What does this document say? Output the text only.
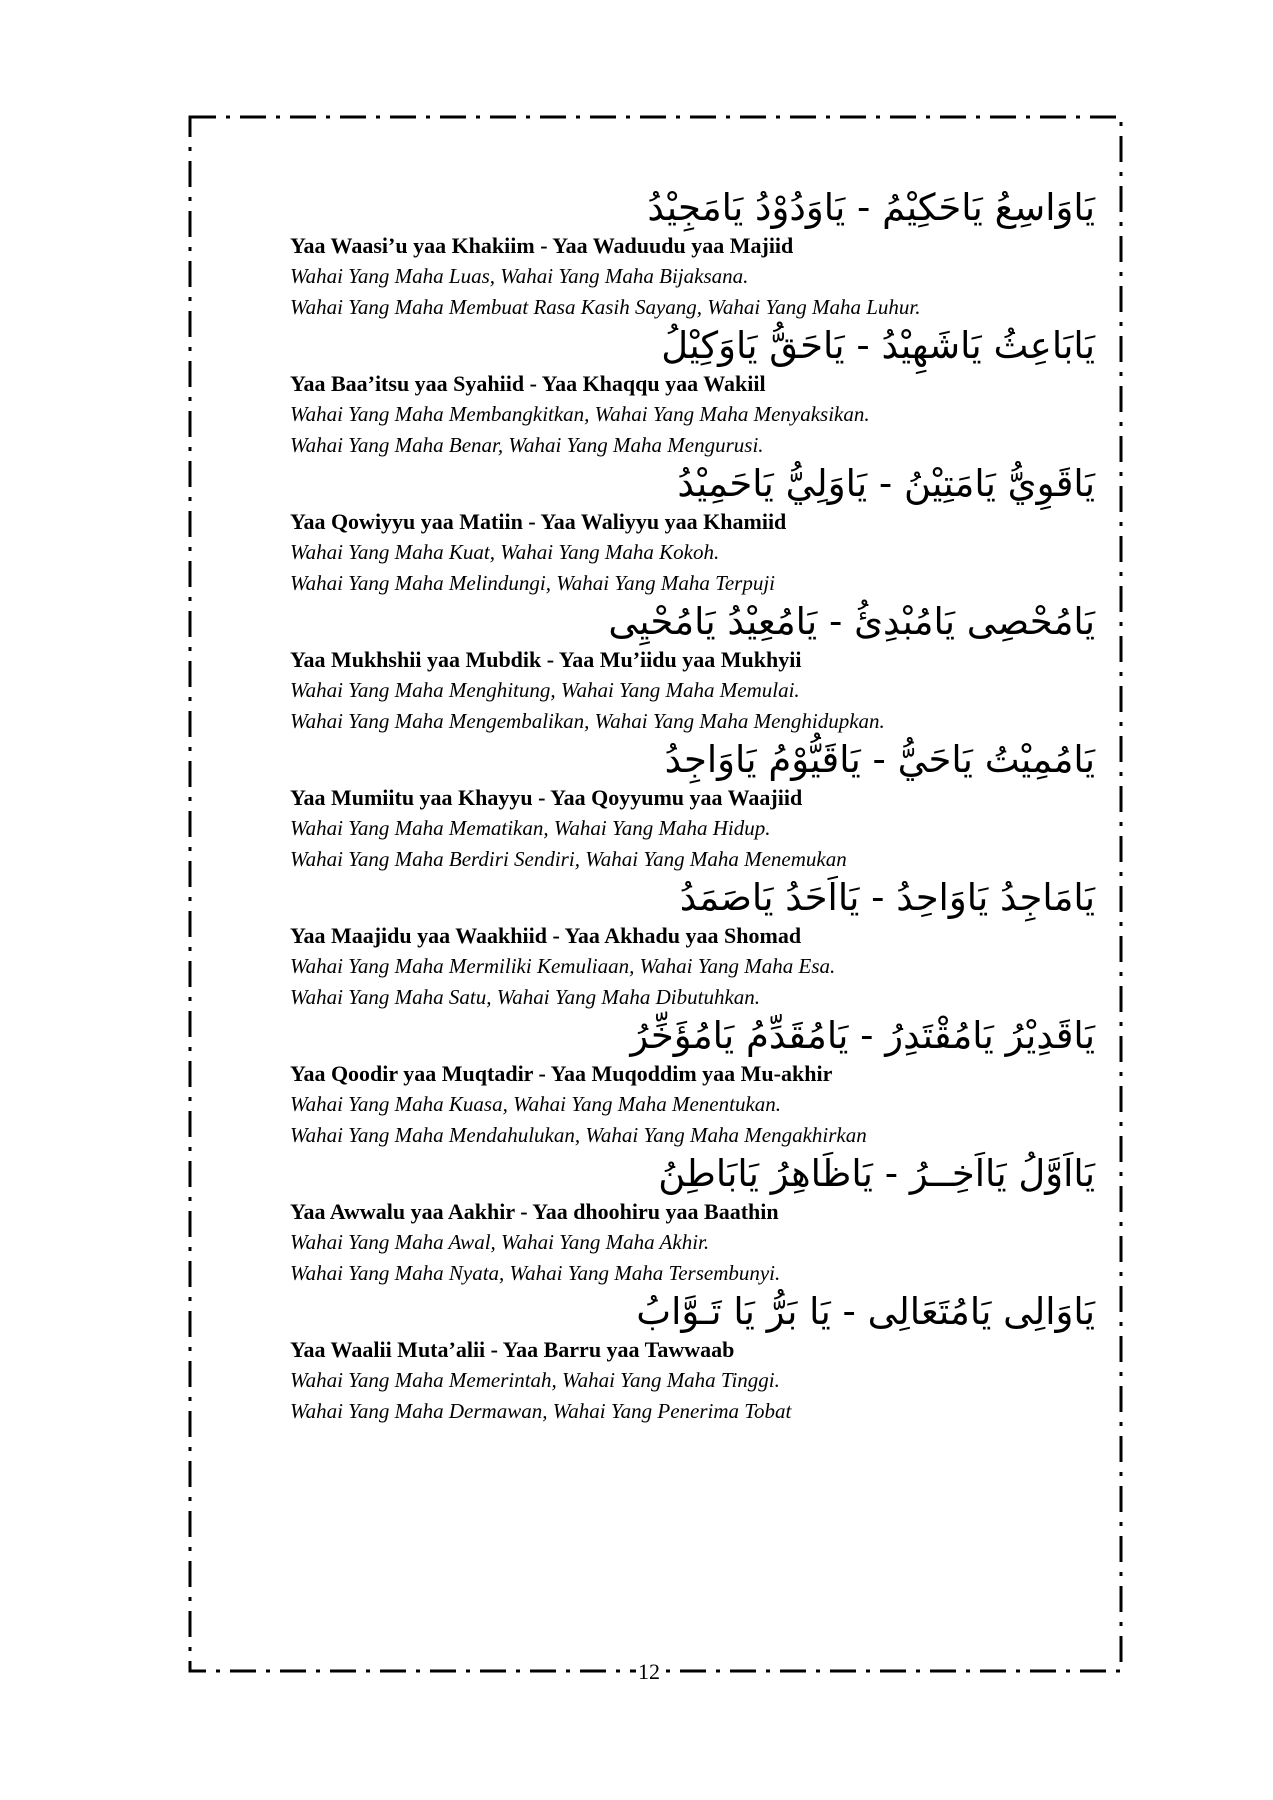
يَاوَاسِعُ يَاحَكِيْمُ - يَاوَدُوْدُ يَامَجِيْدُ
Yaa Waasi’u yaa Khakiim - Yaa Waduudu yaa Majiid
Wahai Yang Maha Luas, Wahai Yang Maha Bijaksana.
Wahai Yang Maha Membuat Rasa Kasih Sayang, Wahai Yang Maha Luhur.
يَابَاعِثُ يَاشَهِيْدُ - يَاحَقُّ يَاوَكِيْلُ
Yaa Baa’itsu yaa Syahiid - Yaa Khaqqu yaa Wakiil
Wahai Yang Maha Membangkitkan, Wahai Yang Maha Menyaksikan.
Wahai Yang Maha Benar, Wahai Yang Maha Mengurusi.
يَاقَوِيُّ يَامَتِيْنُ - يَاوَلِيُّ يَاحَمِيْدُ
Yaa Qowiyyu yaa Matiin - Yaa Waliyyu yaa Khamiid
Wahai Yang Maha Kuat, Wahai Yang Maha Kokoh.
Wahai Yang Maha Melindungi, Wahai Yang Maha Terpuji
يَامُحْصِى يَامُبْدِئُ - يَامُعِيْدُ يَامُحْيِى
Yaa Mukhshii yaa Mubdik - Yaa Mu’iidu yaa Mukhyii
Wahai Yang Maha Menghitung, Wahai Yang Maha Memulai.
Wahai Yang Maha Mengembalikan, Wahai Yang Maha Menghidupkan.
يَامُمِيْتُ يَاحَيُّ - يَاقَيُّوْمُ يَاوَاجِدُ
Yaa Mumiitu yaa Khayyu - Yaa Qoyyumu yaa Waajiid
Wahai Yang Maha Mematikan, Wahai Yang Maha Hidup.
Wahai Yang Maha Berdiri Sendiri, Wahai Yang Maha Menemukan
يَامَاجِدُ يَاوَاحِدُ - يَااَحَدُ يَاصَمَدُ
Yaa Maajidu yaa Waakhiid - Yaa Akhadu yaa Shomad
Wahai Yang Maha Mermiliki Kemuliaan, Wahai Yang Maha Esa.
Wahai Yang Maha Satu, Wahai Yang Maha Dibutuhkan.
يَاقَدِيْرُ يَامُقْتَدِرُ - يَامُقَدِّمُ يَامُؤَخِّرُ
Yaa Qoodir yaa Muqtadir - Yaa Muqoddim yaa Mu-akhir
Wahai Yang Maha Kuasa, Wahai Yang Maha Menentukan.
Wahai Yang Maha Mendahulukan, Wahai Yang Maha Mengakhirkan
يَااَوَّلُ يَااَخِــرُ - يَاظَاهِرُ يَابَاطِنُ
Yaa Awwalu yaa Aakhir - Yaa dhoohiru yaa Baathin
Wahai Yang Maha Awal, Wahai Yang Maha Akhir.
Wahai Yang Maha Nyata, Wahai Yang Maha Tersembunyi.
يَاوَالِى يَامُتَعَالِى - يَا بَرُّ يَا تَـوَّابُ
Yaa Waalii Muta’alii - Yaa Barru yaa Tawwaab
Wahai Yang Maha Memerintah, Wahai Yang Maha Tinggi.
Wahai Yang Maha Dermawan, Wahai Yang Penerima Tobat
12
